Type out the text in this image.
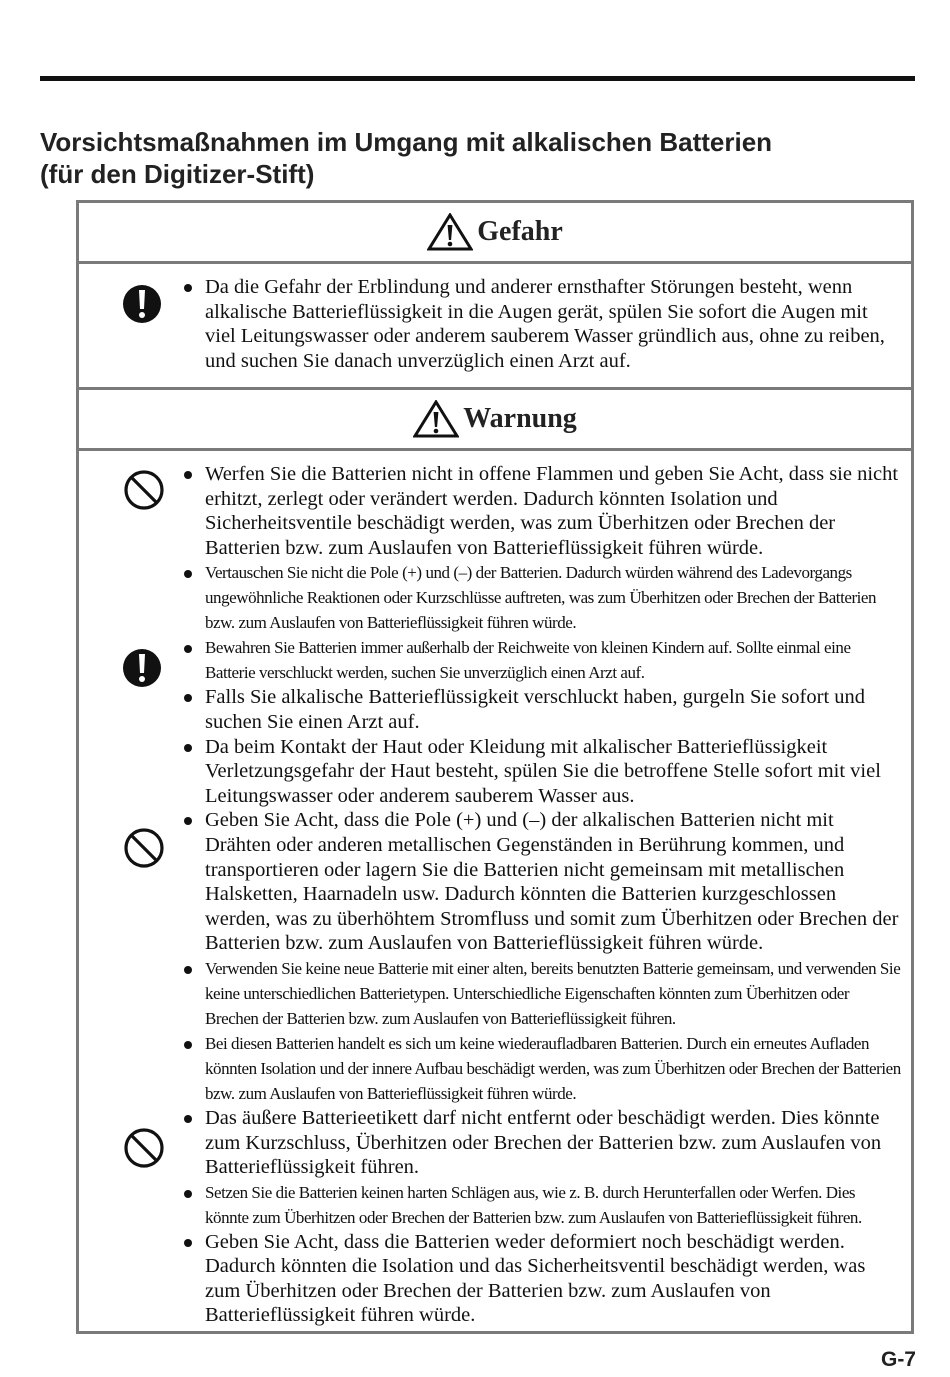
Vorsichtsmaßnahmen im Umgang mit alkalischen Batterien
(für den Digitizer-Stift)
Gefahr
Da die Gefahr der Erblindung und anderer ernsthafter Störungen besteht, wenn alkalische Batterieflüssigkeit in die Augen gerät, spülen Sie sofort die Augen mit viel Leitungswasser oder anderem sauberem Wasser gründlich aus, ohne zu reiben, und suchen Sie danach unverzüglich einen Arzt auf.
Warnung
Werfen Sie die Batterien nicht in offene Flammen und geben Sie Acht, dass sie nicht erhitzt, zerlegt oder verändert werden. Dadurch könnten Isolation und Sicherheitsventile beschädigt werden, was zum Überhitzen oder Brechen der Batterien bzw. zum Auslaufen von Batterieflüssigkeit führen würde.
Vertauschen Sie nicht die Pole (+) und (–) der Batterien. Dadurch würden während des Ladevorgangs ungewöhnliche Reaktionen oder Kurzschlüsse auftreten, was zum Überhitzen oder Brechen der Batterien bzw. zum Auslaufen von Batterieflüssigkeit führen würde.
Bewahren Sie Batterien immer außerhalb der Reichweite von kleinen Kindern auf. Sollte einmal eine Batterie verschluckt werden, suchen Sie unverzüglich einen Arzt auf.
Falls Sie alkalische Batterieflüssigkeit verschluckt haben, gurgeln Sie sofort und suchen Sie einen Arzt auf.
Da beim Kontakt der Haut oder Kleidung mit alkalischer Batterieflüssigkeit Verletzungsgefahr der Haut besteht, spülen Sie die betroffene Stelle sofort mit viel Leitungswasser oder anderem sauberem Wasser aus.
Geben Sie Acht, dass die Pole (+) und (–) der alkalischen Batterien nicht mit Drähten oder anderen metallischen Gegenständen in Berührung kommen, und transportieren oder lagern Sie die Batterien nicht gemeinsam mit metallischen Halsketten, Haarnadeln usw. Dadurch könnten die Batterien kurzgeschlossen werden, was zu überhöhtem Stromfluss und somit zum Überhitzen oder Brechen der Batterien bzw. zum Auslaufen von Batterieflüssigkeit führen würde.
Verwenden Sie keine neue Batterie mit einer alten, bereits benutzten Batterie gemeinsam, und verwenden Sie keine unterschiedlichen Batterietypen. Unterschiedliche Eigenschaften könnten zum Überhitzen oder Brechen der Batterien bzw. zum Auslaufen von Batterieflüssigkeit führen.
Bei diesen Batterien handelt es sich um keine wiederaufladbaren Batterien. Durch ein erneutes Aufladen könnten Isolation und der innere Aufbau beschädigt werden, was zum Überhitzen oder Brechen der Batterien bzw. zum Auslaufen von Batterieflüssigkeit führen würde.
Das äußere Batterieetikett darf nicht entfernt oder beschädigt werden. Dies könnte zum Kurzschluss, Überhitzen oder Brechen der Batterien bzw. zum Auslaufen von Batterieflüssigkeit führen.
Setzen Sie die Batterien keinen harten Schlägen aus, wie z. B. durch Herunterfallen oder Werfen. Dies könnte zum Überhitzen oder Brechen der Batterien bzw. zum Auslaufen von Batterieflüssigkeit führen.
Geben Sie Acht, dass die Batterien weder deformiert noch beschädigt werden. Dadurch könnten die Isolation und das Sicherheitsventil beschädigt werden, was zum Überhitzen oder Brechen der Batterien bzw. zum Auslaufen von Batterieflüssigkeit führen würde.
G-7
